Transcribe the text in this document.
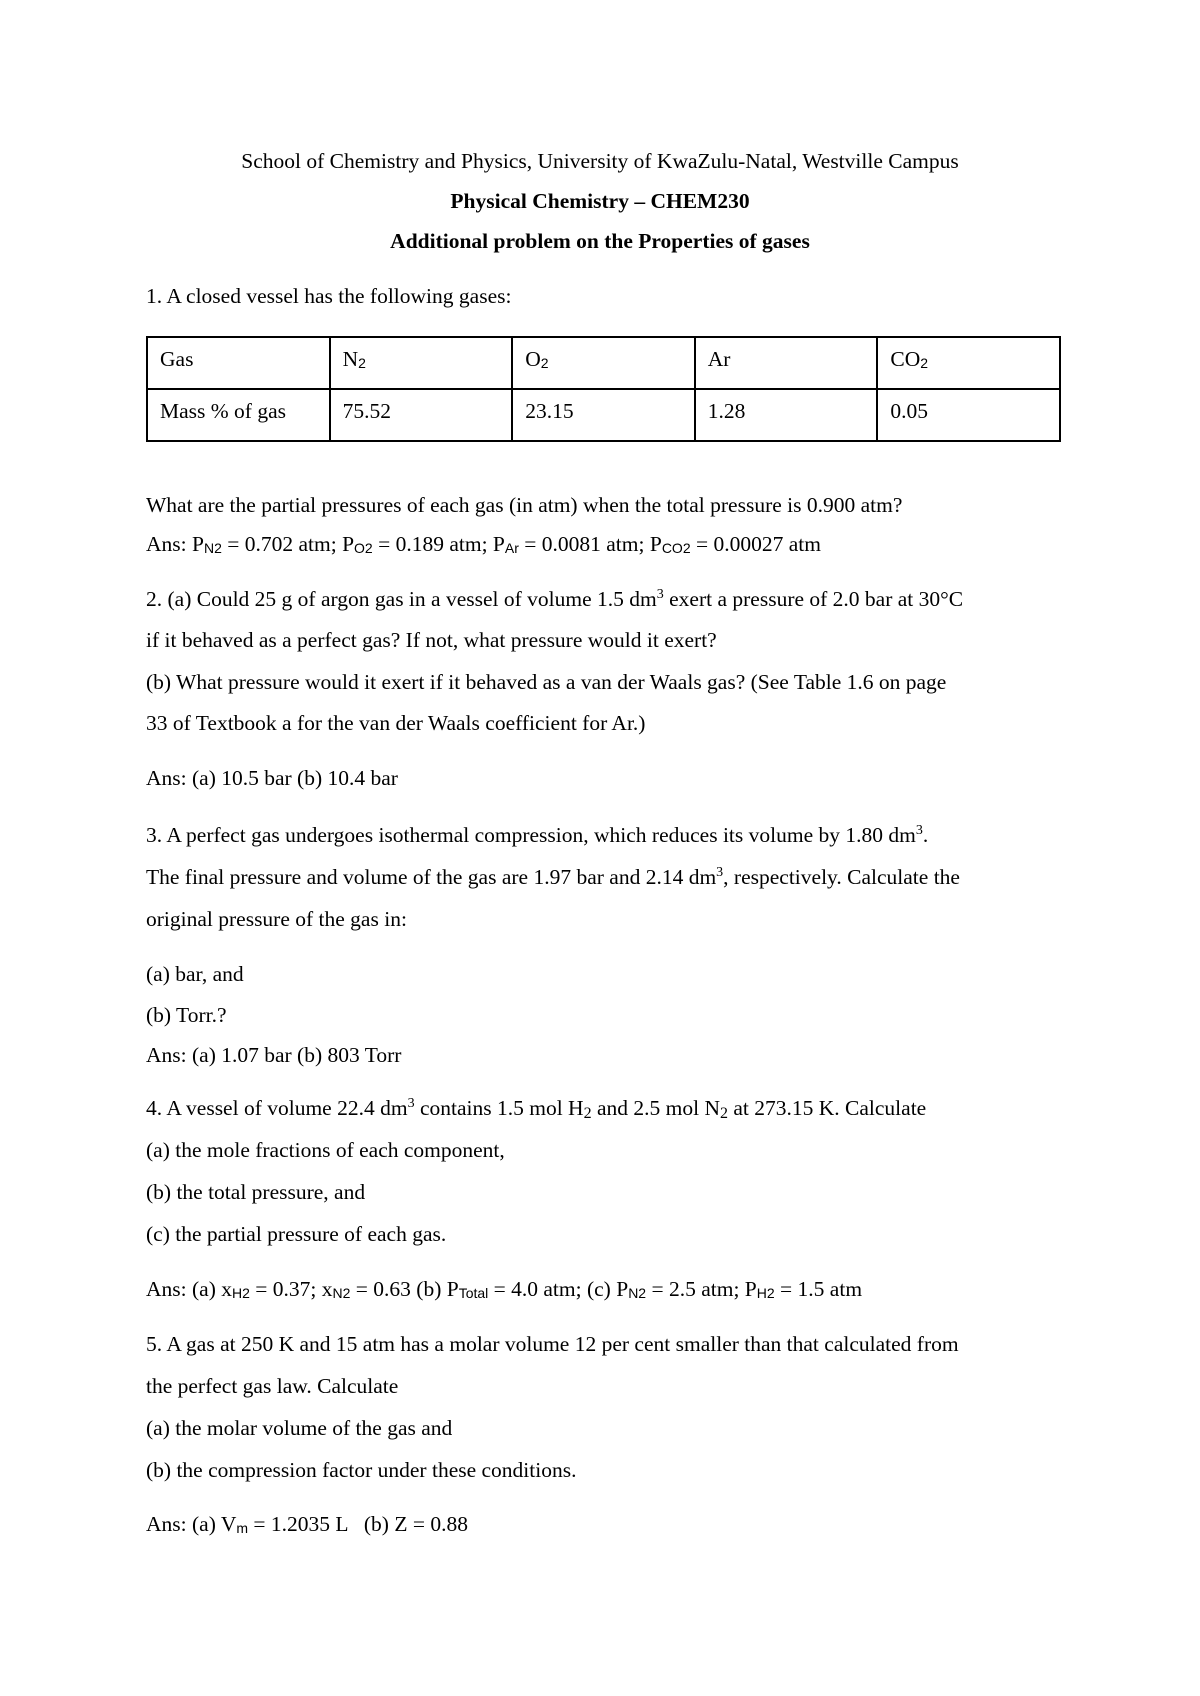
School of Chemistry and Physics, University of KwaZulu-Natal, Westville Campus
Physical Chemistry – CHEM230
Additional problem on the Properties of gases
1. A closed vessel has the following gases:
Gas	$N_2$	$O_2$	Ar	$CO_2$
Mass % of gas	75.52	23.15	1.28	0.05
What are the partial pressures of each gas (in atm) when the total pressure is 0.900 atm?
Ans: $P_{N2} = 0.702$ atm; $P_{O2} = 0.189$ atm; $P_{Ar} = 0.0081$ atm; $P_{CO2} = 0.00027$ atm
2. (a) Could 25 g of argon gas in a vessel of volume 1.5 $dm^3$ exert a pressure of 2.0 bar at 30°C
if it behaved as a perfect gas? If not, what pressure would it exert?
(b) What pressure would it exert if it behaved as a van der Waals gas? (See Table 1.6 on page
33 of Textbook a for the van der Waals coefficient for Ar.)
Ans: (a) 10.5 bar (b) 10.4 bar
3. A perfect gas undergoes isothermal compression, which reduces its volume by 1.80 $dm^3$.
The final pressure and volume of the gas are 1.97 bar and 2.14 $dm^3$, respectively. Calculate the
original pressure of the gas in:
(a) bar, and
(b) Torr.?
Ans: (a) 1.07 bar (b) 803 Torr
4. A vessel of volume 22.4 $dm^3$ contains 1.5 mol $H_2$ and 2.5 mol $N_2$ at 273.15 K. Calculate
(a) the mole fractions of each component,
(b) the total pressure, and
(c) the partial pressure of each gas.
Ans: (a) $x_{H2} = 0.37$; $x_{N2} = 0.63$ (b) $P_{Total} = 4.0$ atm; (c) $P_{N2} = 2.5$ atm; $P_{H2} = 1.5$ atm
5. A gas at 250 K and 15 atm has a molar volume 12 per cent smaller than that calculated from
the perfect gas law. Calculate
(a) the molar volume of the gas and
(b) the compression factor under these conditions.
Ans: (a) $V_m = 1.2035$ L   (b) Z = 0.88
